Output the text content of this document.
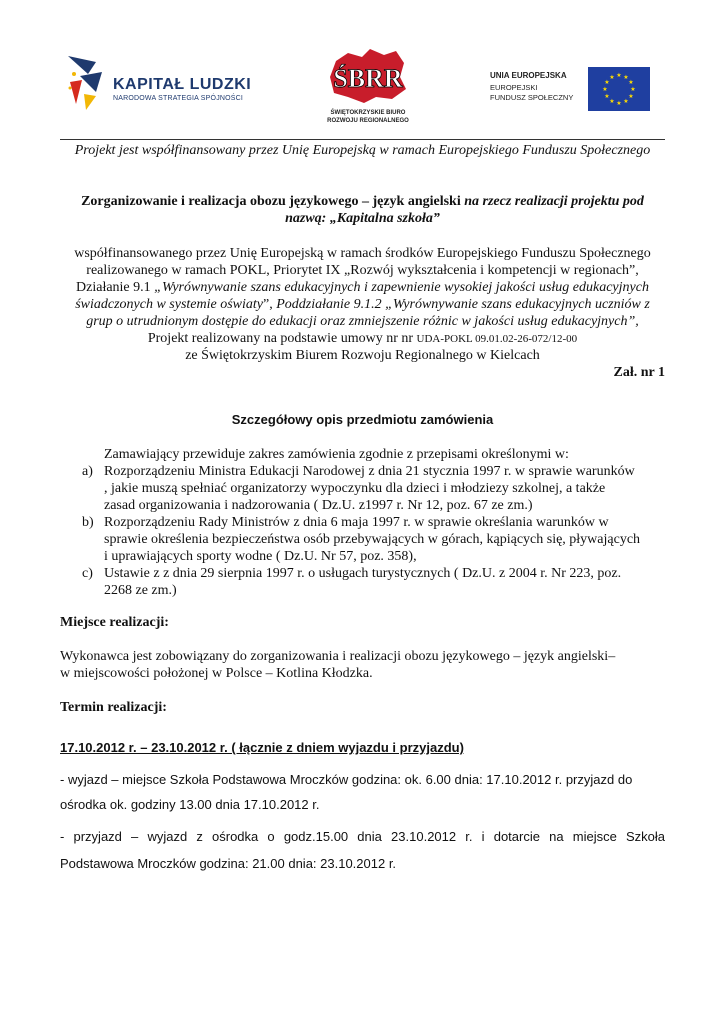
KAPITAŁ LUDZKI
NARODOWA STRATEGIA SPÓJNOŚCI
ŚBRR
ŚWIĘTOKRZYSKIE BIURO
ROZWOJU REGIONALNEGO
UNIA EUROPEJSKA
EUROPEJSKI
FUNDUSZ SPOŁECZNY
★ ★
★
★
★
★
★
★
★
★
★
★
Projekt jest współfinansowany przez Unię Europejską w ramach Europejskiego Funduszu Społecznego
Zorganizowanie i realizacja obozu językowego – język angielski na rzecz realizacji projektu pod
nazwą: „Kapitalna szkoła”
współfinansowanego przez Unię Europejską w ramach środków Europejskiego Funduszu Społecznego
realizowanego w ramach POKL, Priorytet IX „Rozwój wykształcenia i kompetencji w regionach”,
Działanie 9.1 „Wyrównywanie szans edukacyjnych i zapewnienie wysokiej jakości usług edukacyjnych
świadczonych w systemie oświaty”, Poddziałanie 9.1.2 „Wyrównywanie szans edukacyjnych uczniów z
grup o utrudnionym dostępie do edukacji oraz zmniejszenie różnic w jakości usług edukacyjnych”,
Projekt realizowany na podstawie umowy nr nr UDA-POKL 09.01.02-26-072/12-00
ze Świętokrzyskim Biurem Rozwoju Regionalnego w Kielcach
Zał. nr 1
Szczegółowy opis przedmiotu zamówienia
Zamawiający przewiduje zakres zamówienia zgodnie z przepisami określonymi w:
a) Rozporządzeniu Ministra Edukacji Narodowej z dnia 21 stycznia 1997 r. w sprawie warunków
, jakie muszą spełniać organizatorzy wypoczynku dla dzieci i młodziezy szkolnej, a także
zasad organizowania i nadzorowania ( Dz.U. z1997 r. Nr 12, poz. 67 ze zm.)
b) Rozporządzeniu Rady Ministrów z dnia 6 maja 1997 r. w sprawie określania warunków w
sprawie określenia bezpieczeństwa osób przebywających w górach, kąpiących się, pływających
i uprawiających sporty wodne ( Dz.U. Nr 57, poz. 358),
c) Ustawie z z dnia 29 sierpnia 1997 r. o usługach turystycznych ( Dz.U. z 2004 r. Nr 223, poz.
2268 ze zm.)
Miejsce realizacji:
Wykonawca jest zobowiązany do zorganizowania i realizacji obozu językowego – język angielski–
w miejscowości położonej w Polsce – Kotlina Kłodzka.
Termin realizacji:
17.10.2012 r. – 23.10.2012 r. ( łącznie z dniem wyjazdu i przyjazdu)
- wyjazd – miejsce Szkoła Podstawowa Mroczków godzina: ok. 6.00 dnia: 17.10.2012 r. przyjazd do
ośrodka ok. godziny 13.00 dnia 17.10.2012 r.
- przyjazd – wyjazd z ośrodka o godz.15.00 dnia 23.10.2012 r. i dotarcie na miejsce Szkoła
Podstawowa Mroczków godzina: 21.00 dnia: 23.10.2012 r.
